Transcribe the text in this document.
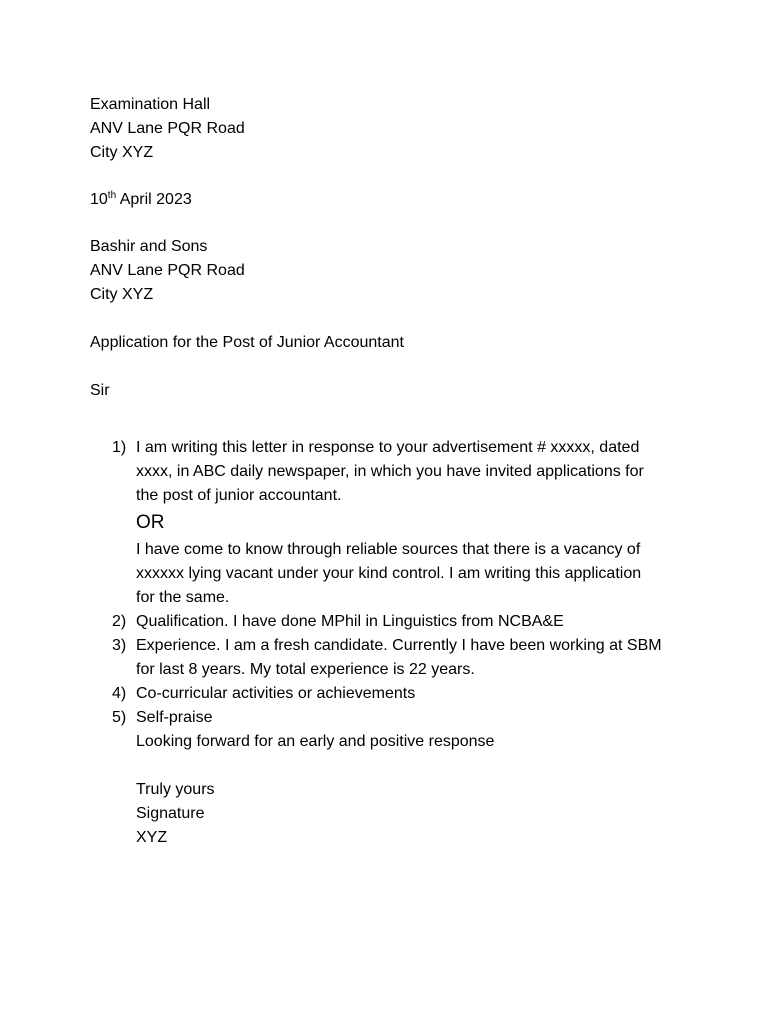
Examination Hall
ANV Lane PQR Road
City XYZ
10th April 2023
Bashir and Sons
ANV Lane PQR Road
City XYZ
Application for the Post of Junior Accountant
Sir
1) I am writing this letter in response to your advertisement # xxxxx, dated
xxxx, in ABC daily newspaper, in which you have invited applications for
the post of junior accountant.
OR
I have come to know through reliable sources that there is a vacancy of
xxxxxx lying vacant under your kind control. I am writing this application
for the same.
2) Qualification. I have done MPhil in Linguistics from NCBA&E
3) Experience. I am a fresh candidate. Currently I have been working at SBM
for last 8 years. My total experience is 22 years.
4) Co-curricular activities or achievements
5) Self-praise
Looking forward for an early and positive response

Truly yours
Signature
XYZ
